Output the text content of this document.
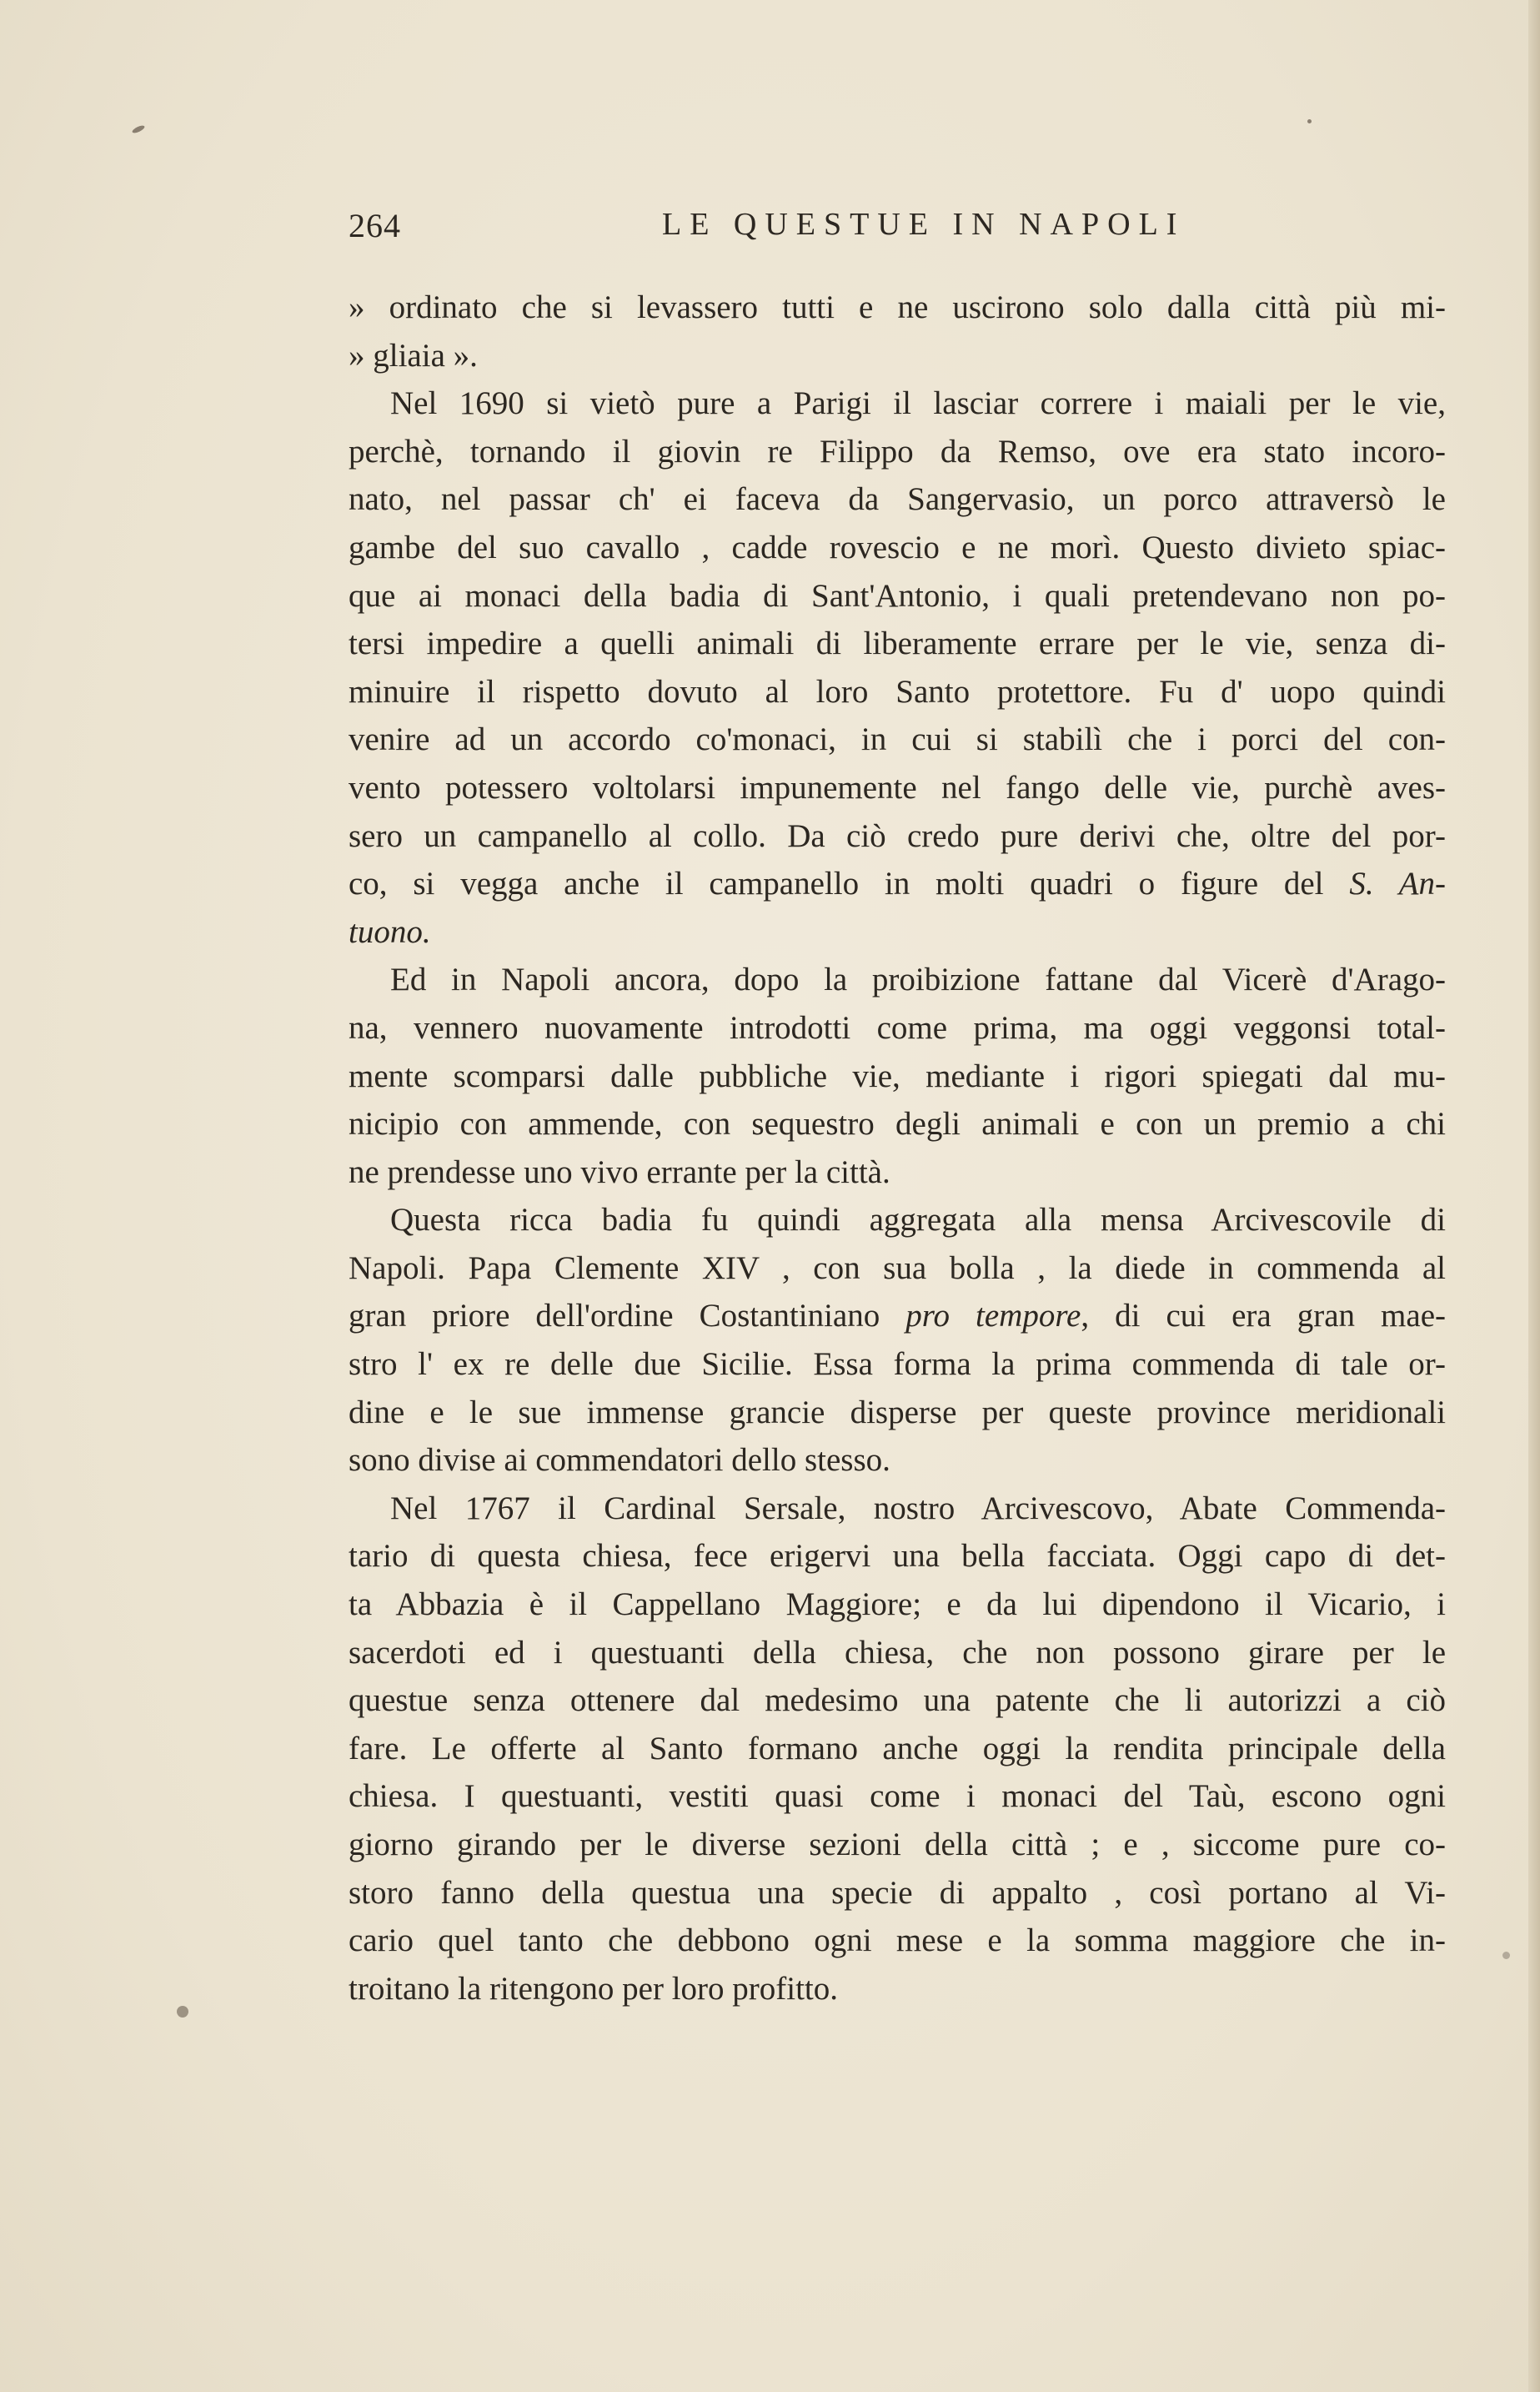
264	LE QUESTUE IN NAPOLI
» ordinato che si levassero tutti e ne uscirono solo dalla città più mi-
» gliaia ».
Nel 1690 si vietò pure a Parigi il lasciar correre i maiali per le vie,
perchè, tornando il giovin re Filippo da Remso, ove era stato incoro-
nato, nel passar ch' ei faceva da Sangervasio, un porco attraversò le
gambe del suo cavallo , cadde rovescio e ne morì. Questo divieto spiac-
que ai monaci della badia di Sant'Antonio, i quali pretendevano non po-
tersi impedire a quelli animali di liberamente errare per le vie, senza di-
minuire il rispetto dovuto al loro Santo protettore. Fu d' uopo quindi
venire ad un accordo co'monaci, in cui si stabilì che i porci del con-
vento potessero voltolarsi impunemente nel fango delle vie, purchè aves-
sero un campanello al collo. Da ciò credo pure derivi che, oltre del por-
co, si vegga anche il campanello in molti quadri o figure del S. An-
tuono.
Ed in Napoli ancora, dopo la proibizione fattane dal Vicerè d'Arago-
na, vennero nuovamente introdotti come prima, ma oggi veggonsi total-
mente scomparsi dalle pubbliche vie, mediante i rigori spiegati dal mu-
nicipio con ammende, con sequestro degli animali e con un premio a chi
ne prendesse uno vivo errante per la città.
Questa ricca badia fu quindi aggregata alla mensa Arcivescovile di
Napoli. Papa Clemente XIV , con sua bolla , la diede in commenda al
gran priore dell'ordine Costantiniano pro tempore, di cui era gran mae-
stro l' ex re delle due Sicilie. Essa forma la prima commenda di tale or-
dine e le sue immense grancie disperse per queste province meridionali
sono divise ai commendatori dello stesso.
Nel 1767 il Cardinal Sersale, nostro Arcivescovo, Abate Commenda-
tario di questa chiesa, fece erigervi una bella facciata. Oggi capo di det-
ta Abbazia è il Cappellano Maggiore; e da lui dipendono il Vicario, i
sacerdoti ed i questuanti della chiesa, che non possono girare per le
questue senza ottenere dal medesimo una patente che li autorizzi a ciò
fare. Le offerte al Santo formano anche oggi la rendita principale della
chiesa. I questuanti, vestiti quasi come i monaci del Taù, escono ogni
giorno girando per le diverse sezioni della città ; e , siccome pure co-
storo fanno della questua una specie di appalto , così portano al Vi-
cario quel tanto che debbono ogni mese e la somma maggiore che in-
troitano la ritengono per loro profitto.
